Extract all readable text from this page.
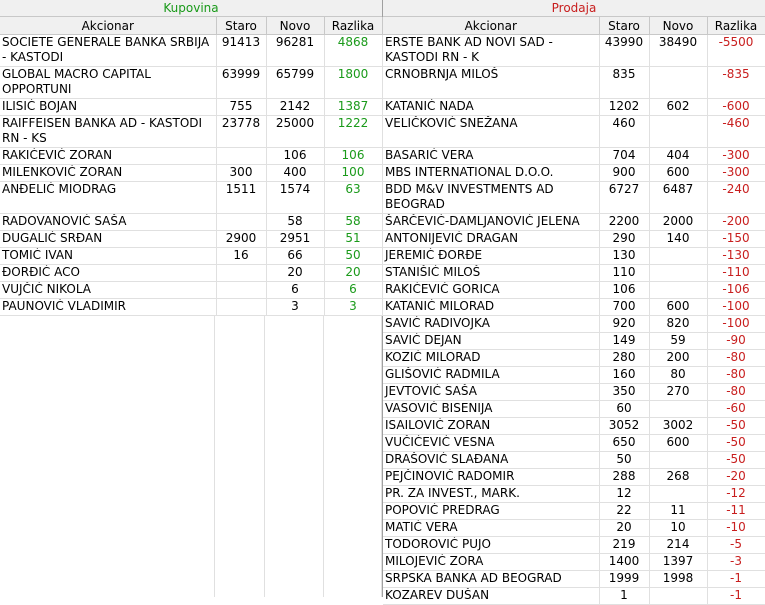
Kupovina
Akcionar	Staro	Novo	Razlika
SOCIETE GENERALE BANKA SRBIJA - KASTODI	91413	96281	4868
GLOBAL MACRO CAPITAL OPPORTUNI	63999	65799	1800
ILISIĆ BOJAN	755	2142	1387
RAIFFEISEN BANKA AD - KASTODI RN - KS	23778	25000	1222
RAKIĆEVIĆ ZORAN		106	106
MILENKOVIĆ ZORAN	300	400	100
ANĐELIĆ MIODRAG	1511	1574	63
RADOVANOVIĆ SAŠA		58	58
DUGALIĆ SRĐAN	2900	2951	51
TOMIĆ IVAN	16	66	50
ĐORĐIĆ ACO		20	20
VUJČIĆ NIKOLA		6	6
PAUNOVIĆ VLADIMIR		3	3
Prodaja
Akcionar	Staro	Novo	Razlika
ERSTE BANK AD NOVI SAD - KASTODI RN - K	43990	38490	-5500
CRNOBRNJA MILOŠ	835		-835
KATANIĆ NADA	1202	602	-600
VELIČKOVIĆ SNEŽANA	460		-460
BASARIĆ VERA	704	404	-300
MBS INTERNATIONAL D.O.O.	900	600	-300
BDD M&V INVESTMENTS AD BEOGRAD	6727	6487	-240
ŠARČEVIĆ-DAMLJANOVIĆ JELENA	2200	2000	-200
ANTONIJEVIĆ DRAGAN	290	140	-150
JEREMIĆ ĐORĐE	130		-130
STANIŠIĆ MILOŠ	110		-110
RAKIĆEVIĆ GORICA	106		-106
KATANIĆ MILORAD	700	600	-100
SAVIĆ RADIVOJKA	920	820	-100
SAVIĆ DEJAN	149	59	-90
KOZIĆ MILORAD	280	200	-80
GLIŠOVIĆ RADMILA	160	80	-80
JEVTOVIĆ SAŠA	350	270	-80
VASOVIĆ BISENIJA	60		-60
ISAILOVIĆ ZORAN	3052	3002	-50
VUČIĆEVIĆ VESNA	650	600	-50
DRAŠOVIĆ SLAĐANA	50		-50
PEJČINOVIĆ RADOMIR	288	268	-20
PR. ZA INVEST., MARK.	12		-12
POPOVIĆ PREDRAG	22	11	-11
MATIĆ VERA	20	10	-10
TODOROVIĆ PUJO	219	214	-5
MILOJEVIĆ ZORA	1400	1397	-3
SRPSKA BANKA AD BEOGRAD	1999	1998	-1
KOZAREV DUŠAN	1		-1
